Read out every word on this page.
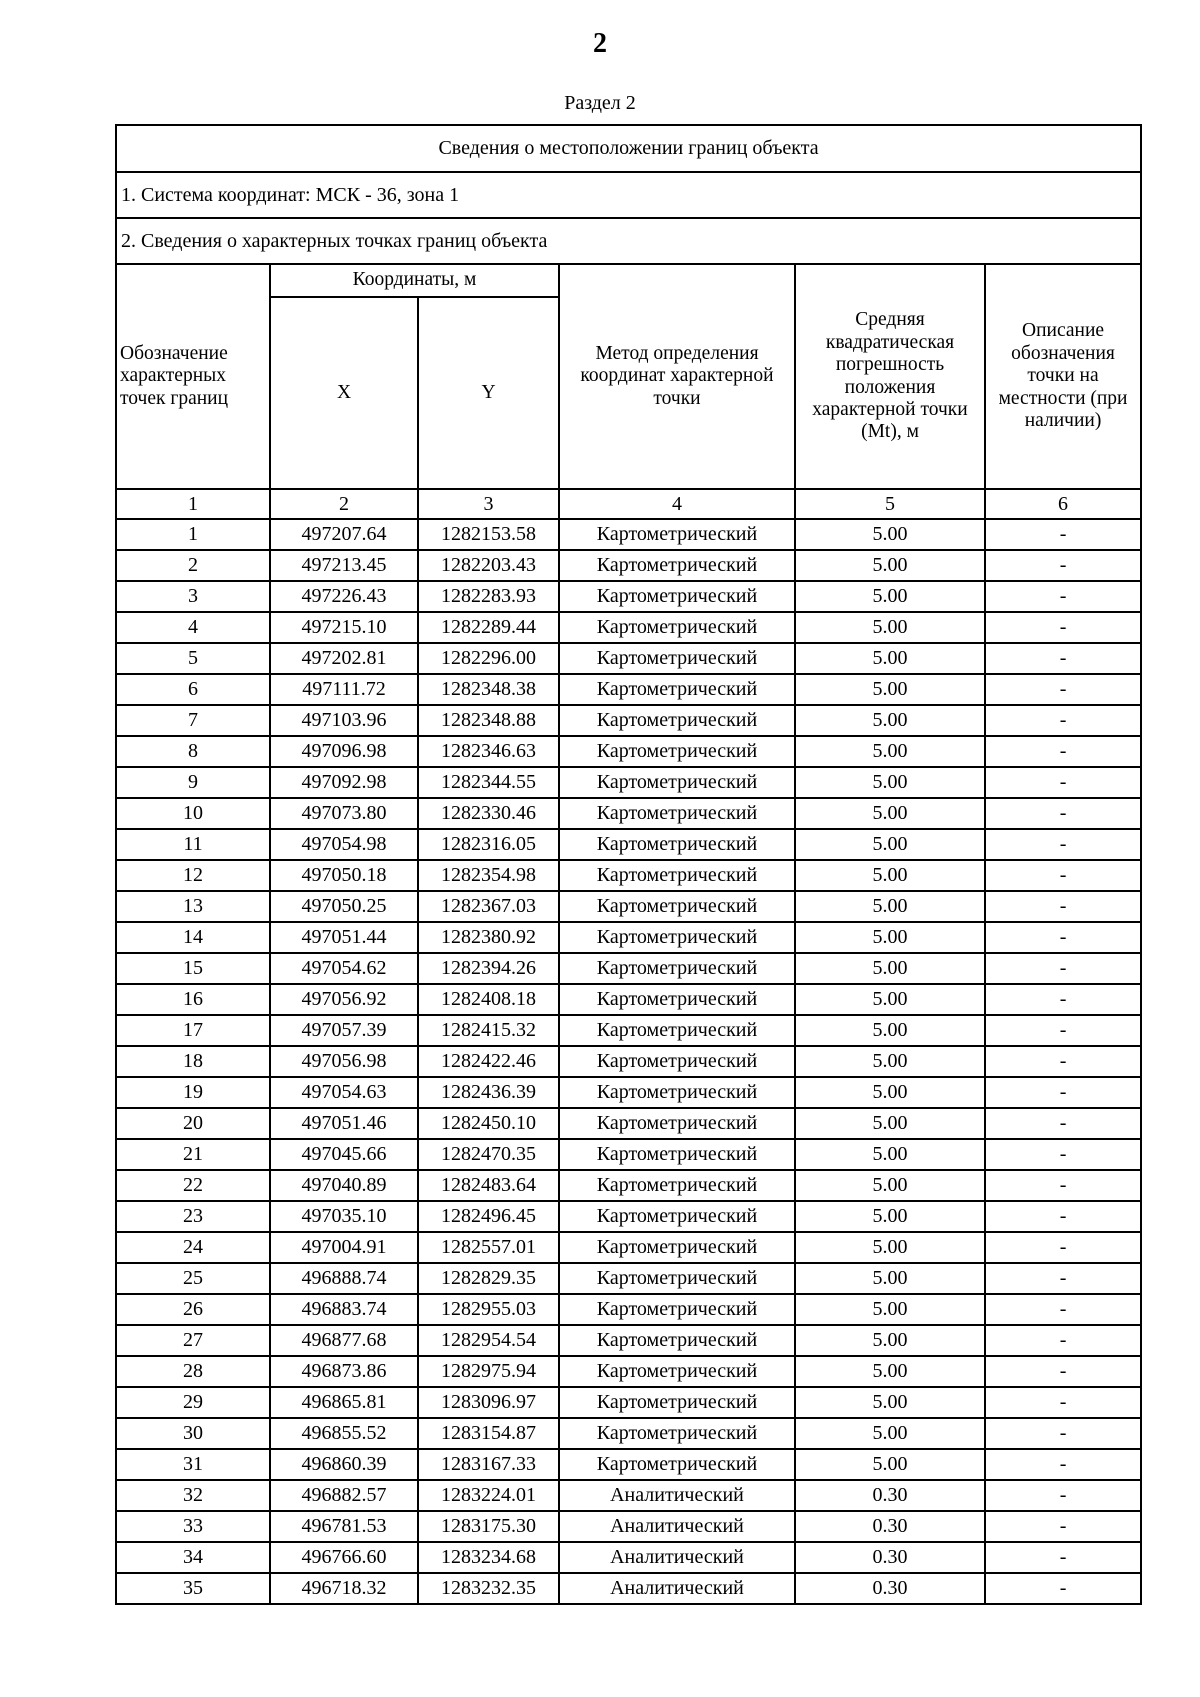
2
Раздел 2
Сведения о местоположении границ объекта					
1. Система координат: МСК - 36, зона 1					
2. Сведения о характерных точках границ объекта					
Обозначение характерных точек границ	Координаты, м		Метод определения координат характерной точки	Средняя квадратическая погрешность положения характерной точки (Мt), м	Описание обозначения точки на местности (при наличии)
	X	Y			
1	2	3	4	5	6
1	497207.64	1282153.58	Картометрический	5.00	-
2	497213.45	1282203.43	Картометрический	5.00	-
3	497226.43	1282283.93	Картометрический	5.00	-
4	497215.10	1282289.44	Картометрический	5.00	-
5	497202.81	1282296.00	Картометрический	5.00	-
6	497111.72	1282348.38	Картометрический	5.00	-
7	497103.96	1282348.88	Картометрический	5.00	-
8	497096.98	1282346.63	Картометрический	5.00	-
9	497092.98	1282344.55	Картометрический	5.00	-
10	497073.80	1282330.46	Картометрический	5.00	-
11	497054.98	1282316.05	Картометрический	5.00	-
12	497050.18	1282354.98	Картометрический	5.00	-
13	497050.25	1282367.03	Картометрический	5.00	-
14	497051.44	1282380.92	Картометрический	5.00	-
15	497054.62	1282394.26	Картометрический	5.00	-
16	497056.92	1282408.18	Картометрический	5.00	-
17	497057.39	1282415.32	Картометрический	5.00	-
18	497056.98	1282422.46	Картометрический	5.00	-
19	497054.63	1282436.39	Картометрический	5.00	-
20	497051.46	1282450.10	Картометрический	5.00	-
21	497045.66	1282470.35	Картометрический	5.00	-
22	497040.89	1282483.64	Картометрический	5.00	-
23	497035.10	1282496.45	Картометрический	5.00	-
24	497004.91	1282557.01	Картометрический	5.00	-
25	496888.74	1282829.35	Картометрический	5.00	-
26	496883.74	1282955.03	Картометрический	5.00	-
27	496877.68	1282954.54	Картометрический	5.00	-
28	496873.86	1282975.94	Картометрический	5.00	-
29	496865.81	1283096.97	Картометрический	5.00	-
30	496855.52	1283154.87	Картометрический	5.00	-
31	496860.39	1283167.33	Картометрический	5.00	-
32	496882.57	1283224.01	Аналитический	0.30	-
33	496781.53	1283175.30	Аналитический	0.30	-
34	496766.60	1283234.68	Аналитический	0.30	-
35	496718.32	1283232.35	Аналитический	0.30	-
